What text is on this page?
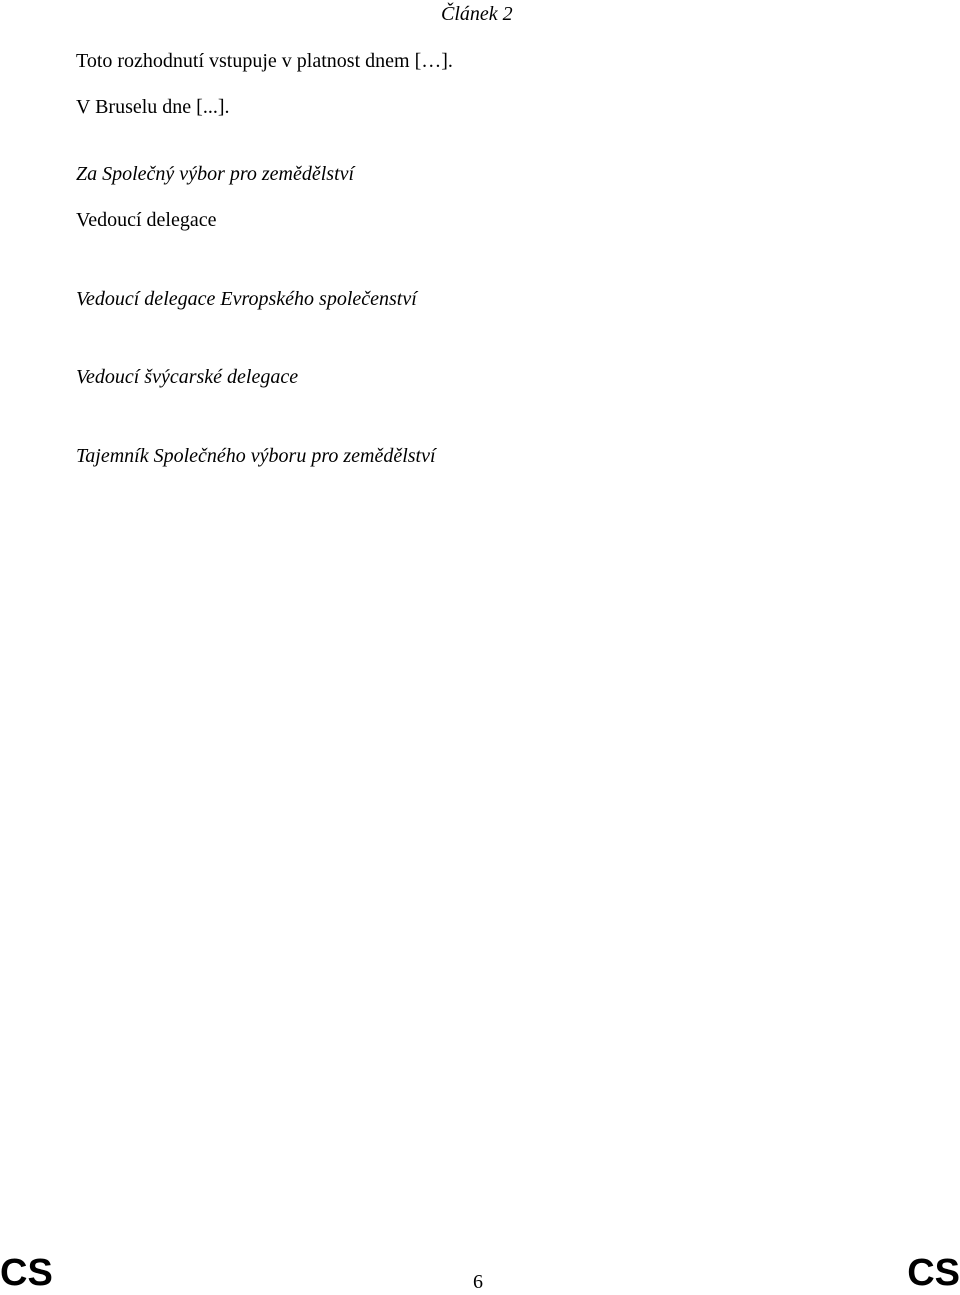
Článek 2
Toto rozhodnutí vstupuje v platnost dnem […].
V Bruselu dne [...].
Za Společný výbor pro zemědělství
Vedoucí delegace
Vedoucí delegace Evropského společenství
Vedoucí švýcarské delegace
Tajemník Společného výboru pro zemědělství
CS	6	CS
